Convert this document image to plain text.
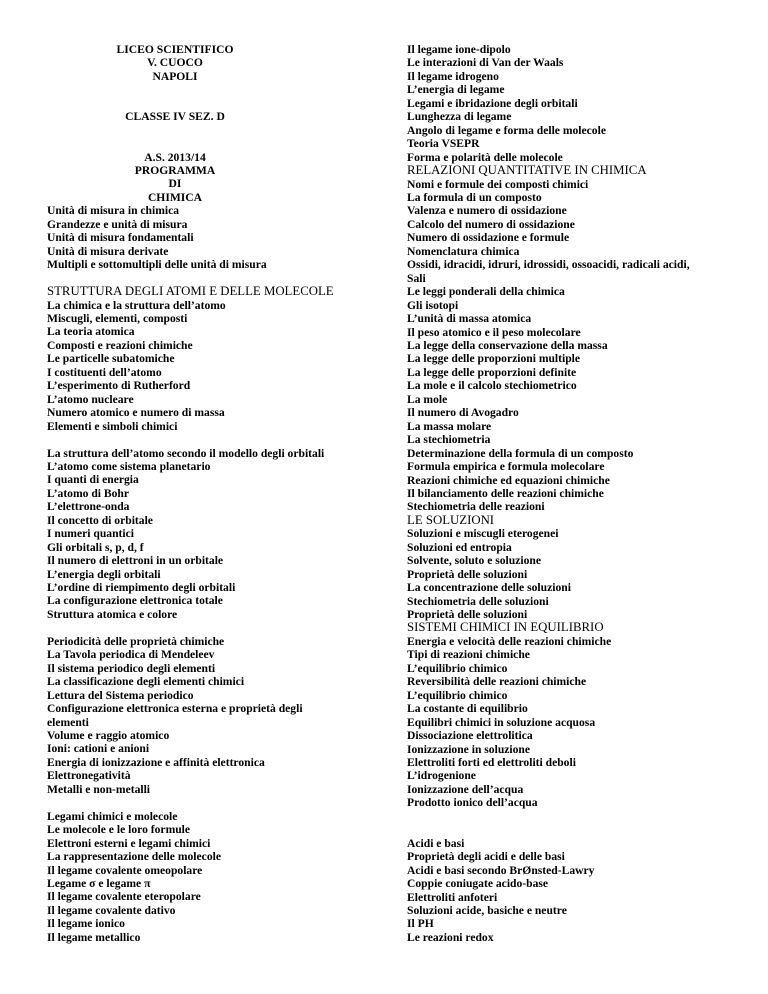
LICEO SCIENTIFICO
V. CUOCO
NAPOLI
CLASSE IV SEZ. D
A.S. 2013/14
PROGRAMMA
DI
CHIMICA
Unità di misura in chimica
Grandezze e unità di misura
Unità di misura fondamentali
Unità di misura derivate
Multipli e sottomultipli delle unità di misura
STRUTTURA DEGLI ATOMI E DELLE MOLECOLE
La chimica e la struttura dell’atomo
Miscugli, elementi, composti
La teoria atomica
Composti e reazioni chimiche
Le particelle subatomiche
I costituenti dell’atomo
L’esperimento di Rutherford
L’atomo nucleare
Numero atomico e numero di massa
Elementi e simboli chimici
La struttura dell’atomo secondo il modello degli orbitali
L’atomo come sistema planetario
I quanti di energia
L’atomo di Bohr
L’elettrone-onda
Il concetto di orbitale
I numeri quantici
Gli orbitali s, p, d, f
Il numero di elettroni in un orbitale
L’energia degli orbitali
L’ordine di riempimento degli orbitali
La configurazione elettronica totale
Struttura atomica e colore
Periodicità delle proprietà chimiche
La Tavola periodica di Mendeleev
Il sistema periodico degli elementi
La classificazione degli elementi chimici
Lettura del Sistema periodico
Configurazione elettronica esterna e proprietà degli
elementi
Volume e raggio atomico
Ioni: cationi e anioni
Energia di ionizzazione e affinità elettronica
Elettronegatività
Metalli e non-metalli
Legami chimici e molecole
Le molecole e le loro formule
Elettroni esterni e legami chimici
La rappresentazione delle molecole
Il legame covalente omeopolare
Legame σ e legame π
Il legame covalente eteropolare
Il legame covalente dativo
Il legame ionico
Il legame metallico
Il legame ione-dipolo
Le interazioni di Van der Waals
Il legame idrogeno
L’energia di legame
Legami e ibridazione degli orbitali
Lunghezza di legame
Angolo di legame e forma delle molecole
Teoria VSEPR
Forma e polarità delle molecole
RELAZIONI QUANTITATIVE IN CHIMICA
Nomi e formule dei composti chimici
La formula di un composto
Valenza e numero di ossidazione
Calcolo del numero di ossidazione
Numero di ossidazione e formule
Nomenclatura chimica
Ossidi, idracidi, idruri, idrossidi, ossoacidi, radicali acidi,
Sali
Le leggi ponderali della chimica
Gli isotopi
L’unità di massa atomica
Il peso atomico e il peso molecolare
La legge della conservazione della massa
La legge delle proporzioni multiple
La legge delle proporzioni definite
La mole e il calcolo stechiometrico
La mole
Il numero di Avogadro
La massa molare
La stechiometria
Determinazione della formula di un composto
Formula empirica e formula molecolare
Reazioni chimiche ed equazioni chimiche
Il bilanciamento delle reazioni chimiche
Stechiometria delle reazioni
LE SOLUZIONI
Soluzioni e miscugli eterogenei
Soluzioni ed entropia
Solvente, soluto e soluzione
Proprietà delle soluzioni
La concentrazione delle soluzioni
Stechiometria delle soluzioni
Proprietà delle soluzioni
SISTEMI CHIMICI IN EQUILIBRIO
Energia e velocità delle reazioni chimiche
Tipi di reazioni chimiche
L’equilibrio chimico
Reversibilità delle reazioni chimiche
L’equilibrio chimico
La costante di equilibrio
Equilibri chimici in soluzione acquosa
Dissociazione elettrolitica
Ionizzazione in soluzione
Elettroliti forti ed elettroliti deboli
L’idrogenione
Ionizzazione dell’acqua
Prodotto ionico dell’acqua
Acidi e basi
Proprietà degli acidi e delle basi
Acidi e basi secondo BrØnsted-Lawry
Coppie coniugate acido-base
Elettroliti anfoteri
Soluzioni acide, basiche e neutre
Il PH
Le reazioni redox
